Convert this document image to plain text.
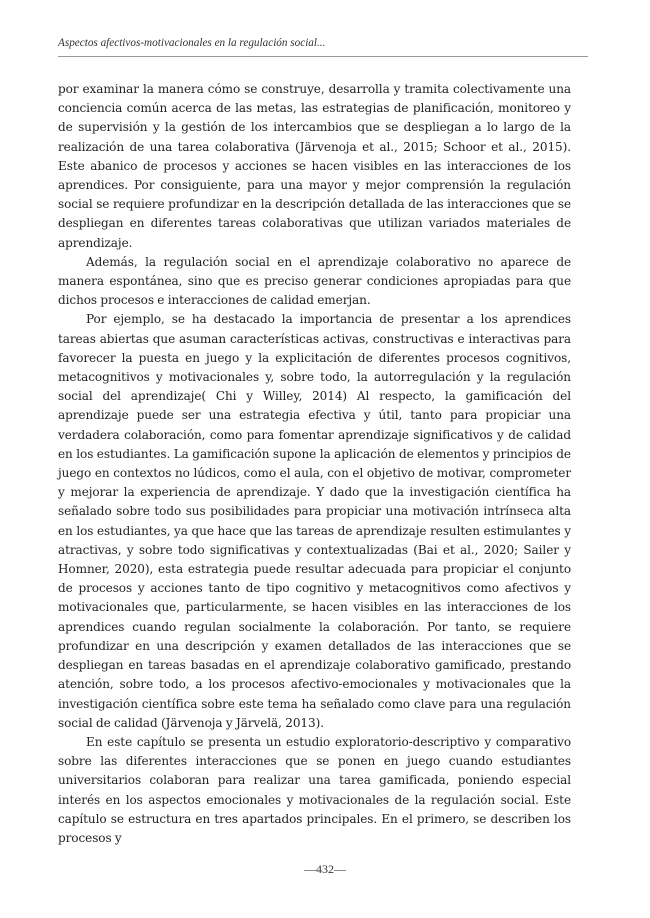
Aspectos afectivos-motivacionales en la regulación social...

por examinar la manera cómo se construye, desarrolla y tramita colectivamente una conciencia común acerca de las metas, las estrategias de planificación, monitoreo y de supervisión y la gestión de los intercambios que se despliegan a lo largo de la realización de una tarea colaborativa (Järvenoja et al., 2015; Schoor et al., 2015). Este abanico de procesos y acciones se hacen visibles en las interacciones de los aprendices. Por consiguiente, para una mayor y mejor comprensión la regulación social se requiere profundizar en la descripción detallada de las interacciones que se despliegan en diferentes tareas colaborativas que utilizan variados materiales de aprendizaje.

Además, la regulación social en el aprendizaje colaborativo no aparece de manera espontánea, sino que es preciso generar condiciones apropiadas para que dichos procesos e interacciones de calidad emerjan.

Por ejemplo, se ha destacado la importancia de presentar a los aprendices tareas abiertas que asuman características activas, constructivas e interactivas para favorecer la puesta en juego y la explicitación de diferentes procesos cognitivos, metacognitivos y motivacionales y, sobre todo, la autorregulación y la regulación social del aprendizaje( Chi y Willey, 2014) Al respecto, la gamificación del aprendizaje puede ser una estrategia efectiva y útil, tanto para propiciar una verdadera colaboración, como para fomentar aprendizaje significativos y de calidad en los estudiantes. La gamificación supone la aplicación de elementos y principios de juego en contextos no lúdicos, como el aula, con el objetivo de motivar, comprometer y mejorar la experiencia de aprendizaje. Y dado que la investigación científica ha señalado sobre todo sus posibilidades para propiciar una motivación intrínseca alta en los estudiantes, ya que hace que las tareas de aprendizaje resulten estimulantes y atractivas, y sobre todo significativas y contextualizadas (Bai et al., 2020; Sailer y Homner, 2020), esta estrategia puede resultar adecuada para propiciar el conjunto de procesos y acciones tanto de tipo cognitivo y metacognitivos como afectivos y motivacionales que, particularmente, se hacen visibles en las interacciones de los aprendices cuando regulan socialmente la colaboración. Por tanto, se requiere profundizar en una descripción y examen detallados de las interacciones que se despliegan en tareas basadas en el aprendizaje colaborativo gamificado, prestando atención, sobre todo, a los procesos afectivo-emocionales y motivacionales que la investigación científica sobre este tema ha señalado como clave para una regulación social de calidad (Järvenoja y Järvelä, 2013).

En este capítulo se presenta un estudio exploratorio-descriptivo y comparativo sobre las diferentes interacciones que se ponen en juego cuando estudiantes universitarios colaboran para realizar una tarea gamificada, poniendo especial interés en los aspectos emocionales y motivacionales de la regulación social. Este capítulo se estructura en tres apartados principales. En el primero, se describen los procesos y

—432—
